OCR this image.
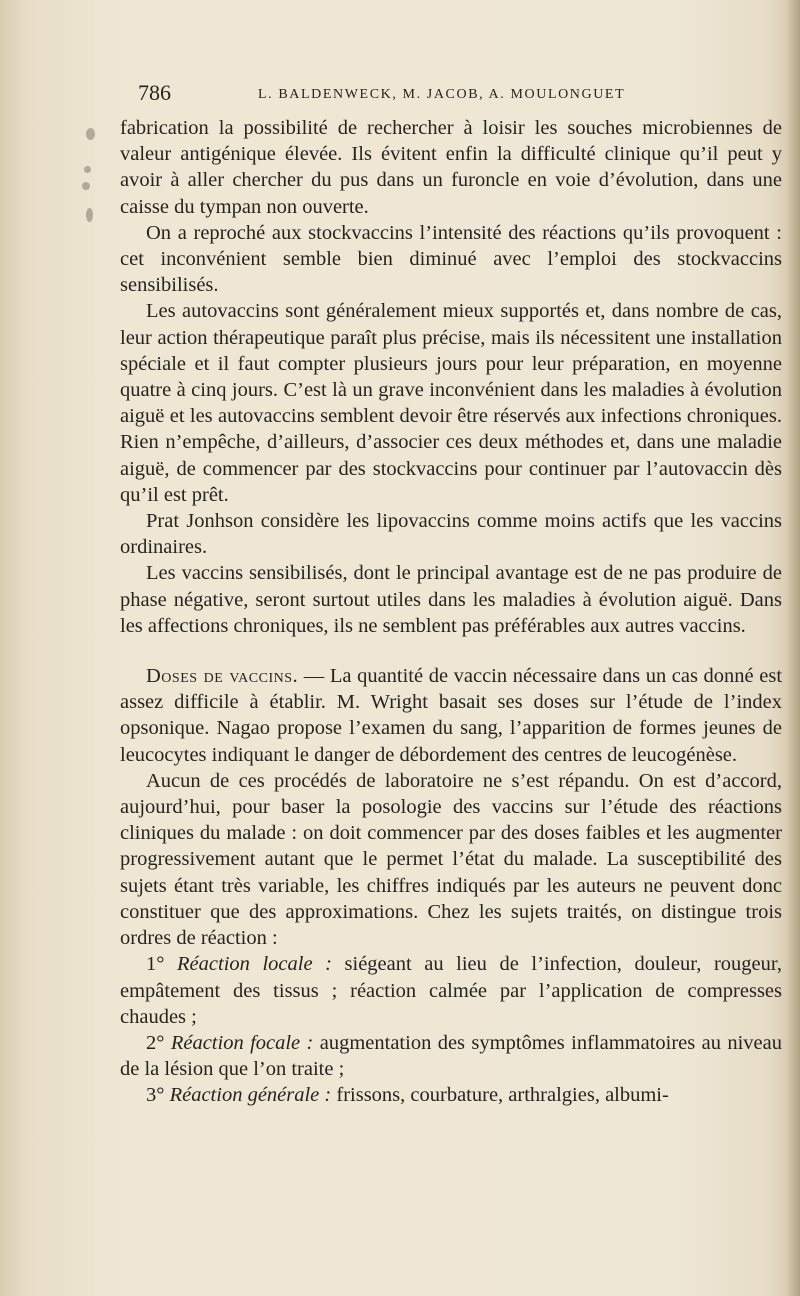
786	L. BALDENWECK, M. JACOB, A. MOULONGUET

fabrication la possibilité de rechercher à loisir les souches microbiennes de valeur antigénique élevée. Ils évitent enfin la difficulté clinique qu’il peut y avoir à aller chercher du pus dans un furoncle en voie d’évolution, dans une caisse du tympan non ouverte.

On a reproché aux stockvaccins l’intensité des réactions qu’ils provoquent : cet inconvénient semble bien diminué avec l’emploi des stockvaccins sensibilisés.

Les autovaccins sont généralement mieux supportés et, dans nombre de cas, leur action thérapeutique paraît plus précise, mais ils nécessitent une installation spéciale et il faut compter plusieurs jours pour leur préparation, en moyenne quatre à cinq jours. C’est là un grave inconvénient dans les maladies à évolution aiguë et les autovaccins semblent devoir être réservés aux infections chroniques. Rien n’empêche, d’ailleurs, d’associer ces deux méthodes et, dans une maladie aiguë, de commencer par des stockvaccins pour continuer par l’autovaccin dès qu’il est prêt.

Prat Jonhson considère les lipovaccins comme moins actifs que les vaccins ordinaires.

Les vaccins sensibilisés, dont le principal avantage est de ne pas produire de phase négative, seront surtout utiles dans les maladies à évolution aiguë. Dans les affections chroniques, ils ne semblent pas préférables aux autres vaccins.

Doses de vaccins. — La quantité de vaccin nécessaire dans un cas donné est assez difficile à établir. M. Wright basait ses doses sur l’étude de l’index opsonique. Nagao propose l’examen du sang, l’apparition de formes jeunes de leucocytes indiquant le danger de débordement des centres de leucogénèse.

Aucun de ces procédés de laboratoire ne s’est répandu. On est d’accord, aujourd’hui, pour baser la posologie des vaccins sur l’étude des réactions cliniques du malade : on doit commencer par des doses faibles et les augmenter progressivement autant que le permet l’état du malade. La susceptibilité des sujets étant très variable, les chiffres indiqués par les auteurs ne peuvent donc constituer que des approximations. Chez les sujets traités, on distingue trois ordres de réaction :

1° Réaction locale : siégeant au lieu de l’infection, douleur, rougeur, empâtement des tissus ; réaction calmée par l’application de compresses chaudes ;

2° Réaction focale : augmentation des symptômes inflammatoires au niveau de la lésion que l’on traite ;

3° Réaction générale : frissons, courbature, arthralgies, albumi-
